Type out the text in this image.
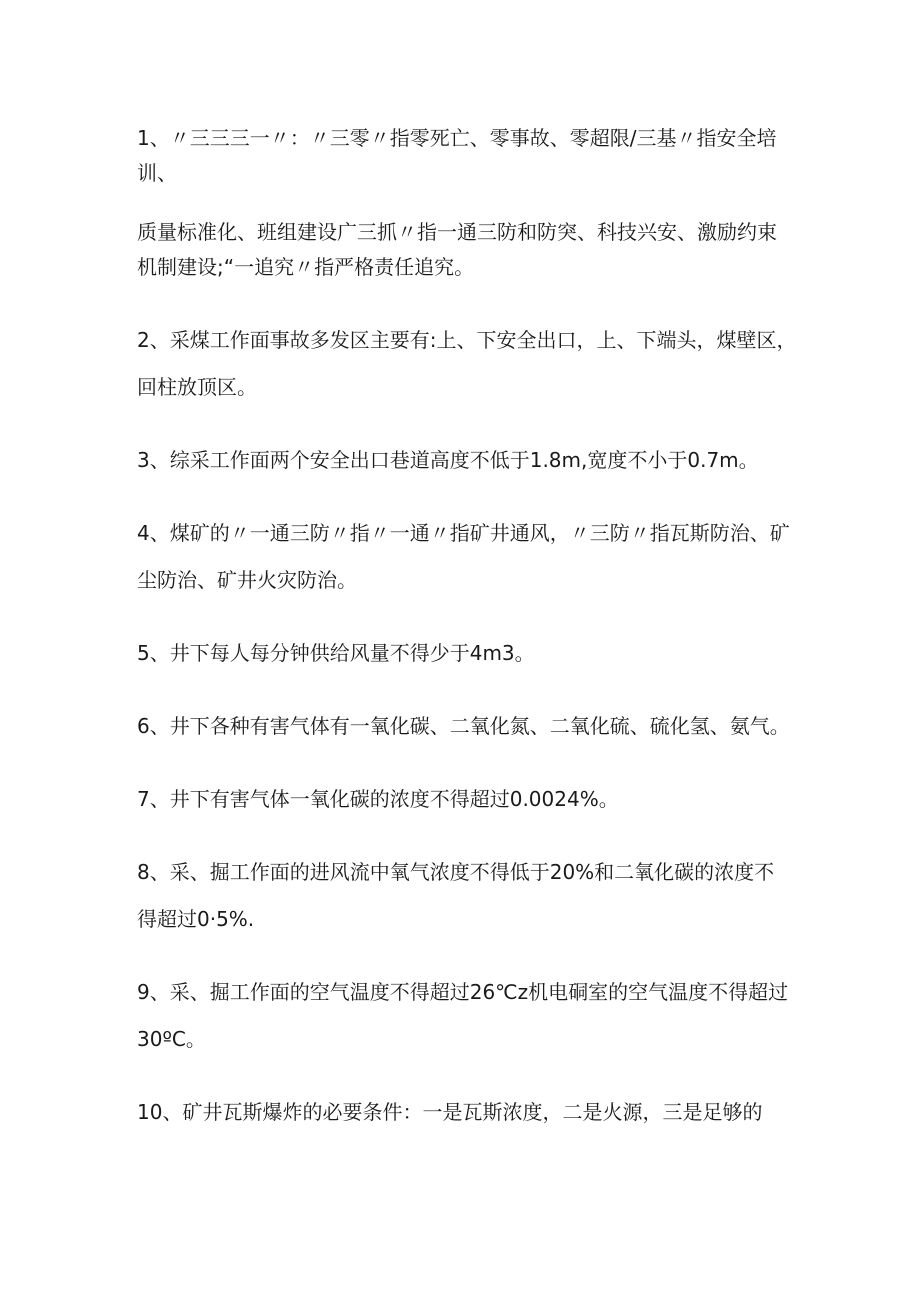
1、〃三三三一〃：〃三零〃指零死亡、零事故、零超限/三基〃指安全培
训、
质量标准化、班组建设广三抓〃指一通三防和防突、科技兴安、激励约束
机制建设;“一追究〃指严格责任追究。
2、采煤工作面事故多发区主要有:上、下安全出口，上、下端头，煤壁区，
回柱放顶区。
3、综采工作面两个安全出口巷道高度不低于1.8m,宽度不小于0.7m。
4、煤矿的〃一通三防〃指〃一通〃指矿井通风，〃三防〃指瓦斯防治、矿
尘防治、矿井火灾防治。
5、井下每人每分钟供给风量不得少于4m3。
6、井下各种有害气体有一氧化碳、二氧化氮、二氧化硫、硫化氢、氨气。
7、井下有害气体一氧化碳的浓度不得超过0.0024%。
8、采、掘工作面的进风流中氧气浓度不得低于20%和二氧化碳的浓度不
得超过0·5%.
9、采、掘工作面的空气温度不得超过26℃z机电硐室的空气温度不得超过
30ºC。
10、矿井瓦斯爆炸的必要条件：一是瓦斯浓度，二是火源，三是足够的
